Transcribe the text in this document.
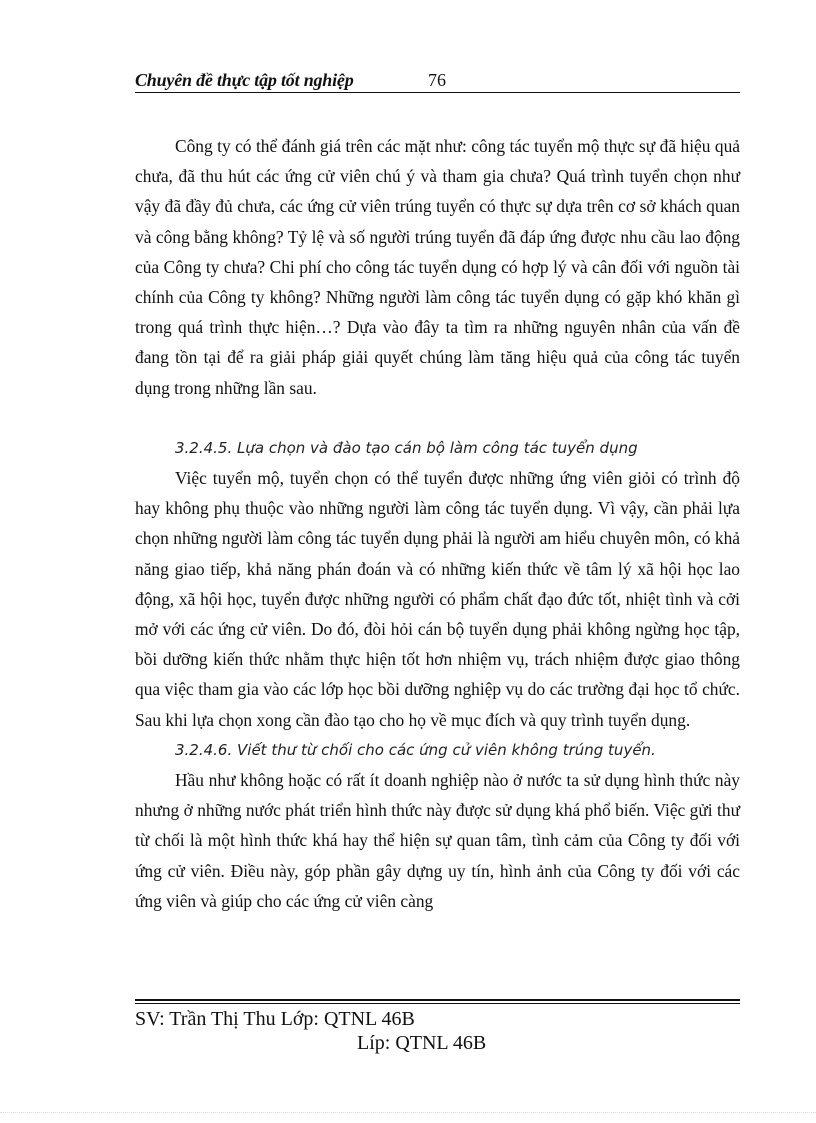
Chuyên đề thực tập tốt nghiệp	76

Công ty có thể đánh giá trên các mặt như: công tác tuyển mộ thực sự đã hiệu quả chưa, đã thu hút các ứng cử viên chú ý và tham gia chưa? Quá trình tuyển chọn như vậy đã đầy đủ chưa, các ứng cử viên trúng tuyển có thực sự dựa trên cơ sở khách quan và công bằng không? Tỷ lệ và số người trúng tuyển đã đáp ứng được nhu cầu lao động của Công ty chưa? Chi phí cho công tác tuyển dụng có hợp lý và cân đối với nguồn tài chính của Công ty không? Những người làm công tác tuyển dụng có gặp khó khăn gì trong quá trình thực hiện…? Dựa vào đây ta tìm ra những nguyên nhân của vấn đề đang tồn tại để ra giải pháp giải quyết chúng làm tăng hiệu quả của công tác tuyển dụng trong những lần sau.

3.2.4.5. Lựa chọn và đào tạo cán bộ làm công tác tuyển dụng

Việc tuyển mộ, tuyển chọn có thể tuyển được những ứng viên giỏi có trình độ hay không phụ thuộc vào những người làm công tác tuyển dụng. Vì vậy, cần phải lựa chọn những người làm công tác tuyển dụng phải là người am hiểu chuyên môn, có khả năng giao tiếp, khả năng phán đoán và có những kiến thức về tâm lý xã hội học lao động, xã hội học, tuyển được những người có phẩm chất đạo đức tốt, nhiệt tình và cởi mở với các ứng cử viên. Do đó, đòi hỏi cán bộ tuyển dụng phải không ngừng học tập, bồi dưỡng kiến thức nhằm thực hiện tốt hơn nhiệm vụ, trách nhiệm được giao thông qua việc tham gia vào các lớp học bồi dưỡng nghiệp vụ do các trường đại học tổ chức. Sau khi lựa chọn xong cần đào tạo cho họ về mục đích và quy trình tuyển dụng.

3.2.4.6. Viết thư từ chối cho các ứng cử viên không trúng tuyển.

Hầu như không hoặc có rất ít doanh nghiệp nào ở nước ta sử dụng hình thức này nhưng ở những nước phát triển hình thức này được sử dụng khá phổ biến. Việc gửi thư từ chối là một hình thức khá hay thể hiện sự quan tâm, tình cảm của Công ty đối với ứng cử viên. Điều này, góp phần gây dựng uy tín, hình ảnh của Công ty đối với các ứng viên và giúp cho các ứng cử viên càng

SV: Trần Thị Thu Lớp: QTNL 46B
Líp: QTNL 46B
